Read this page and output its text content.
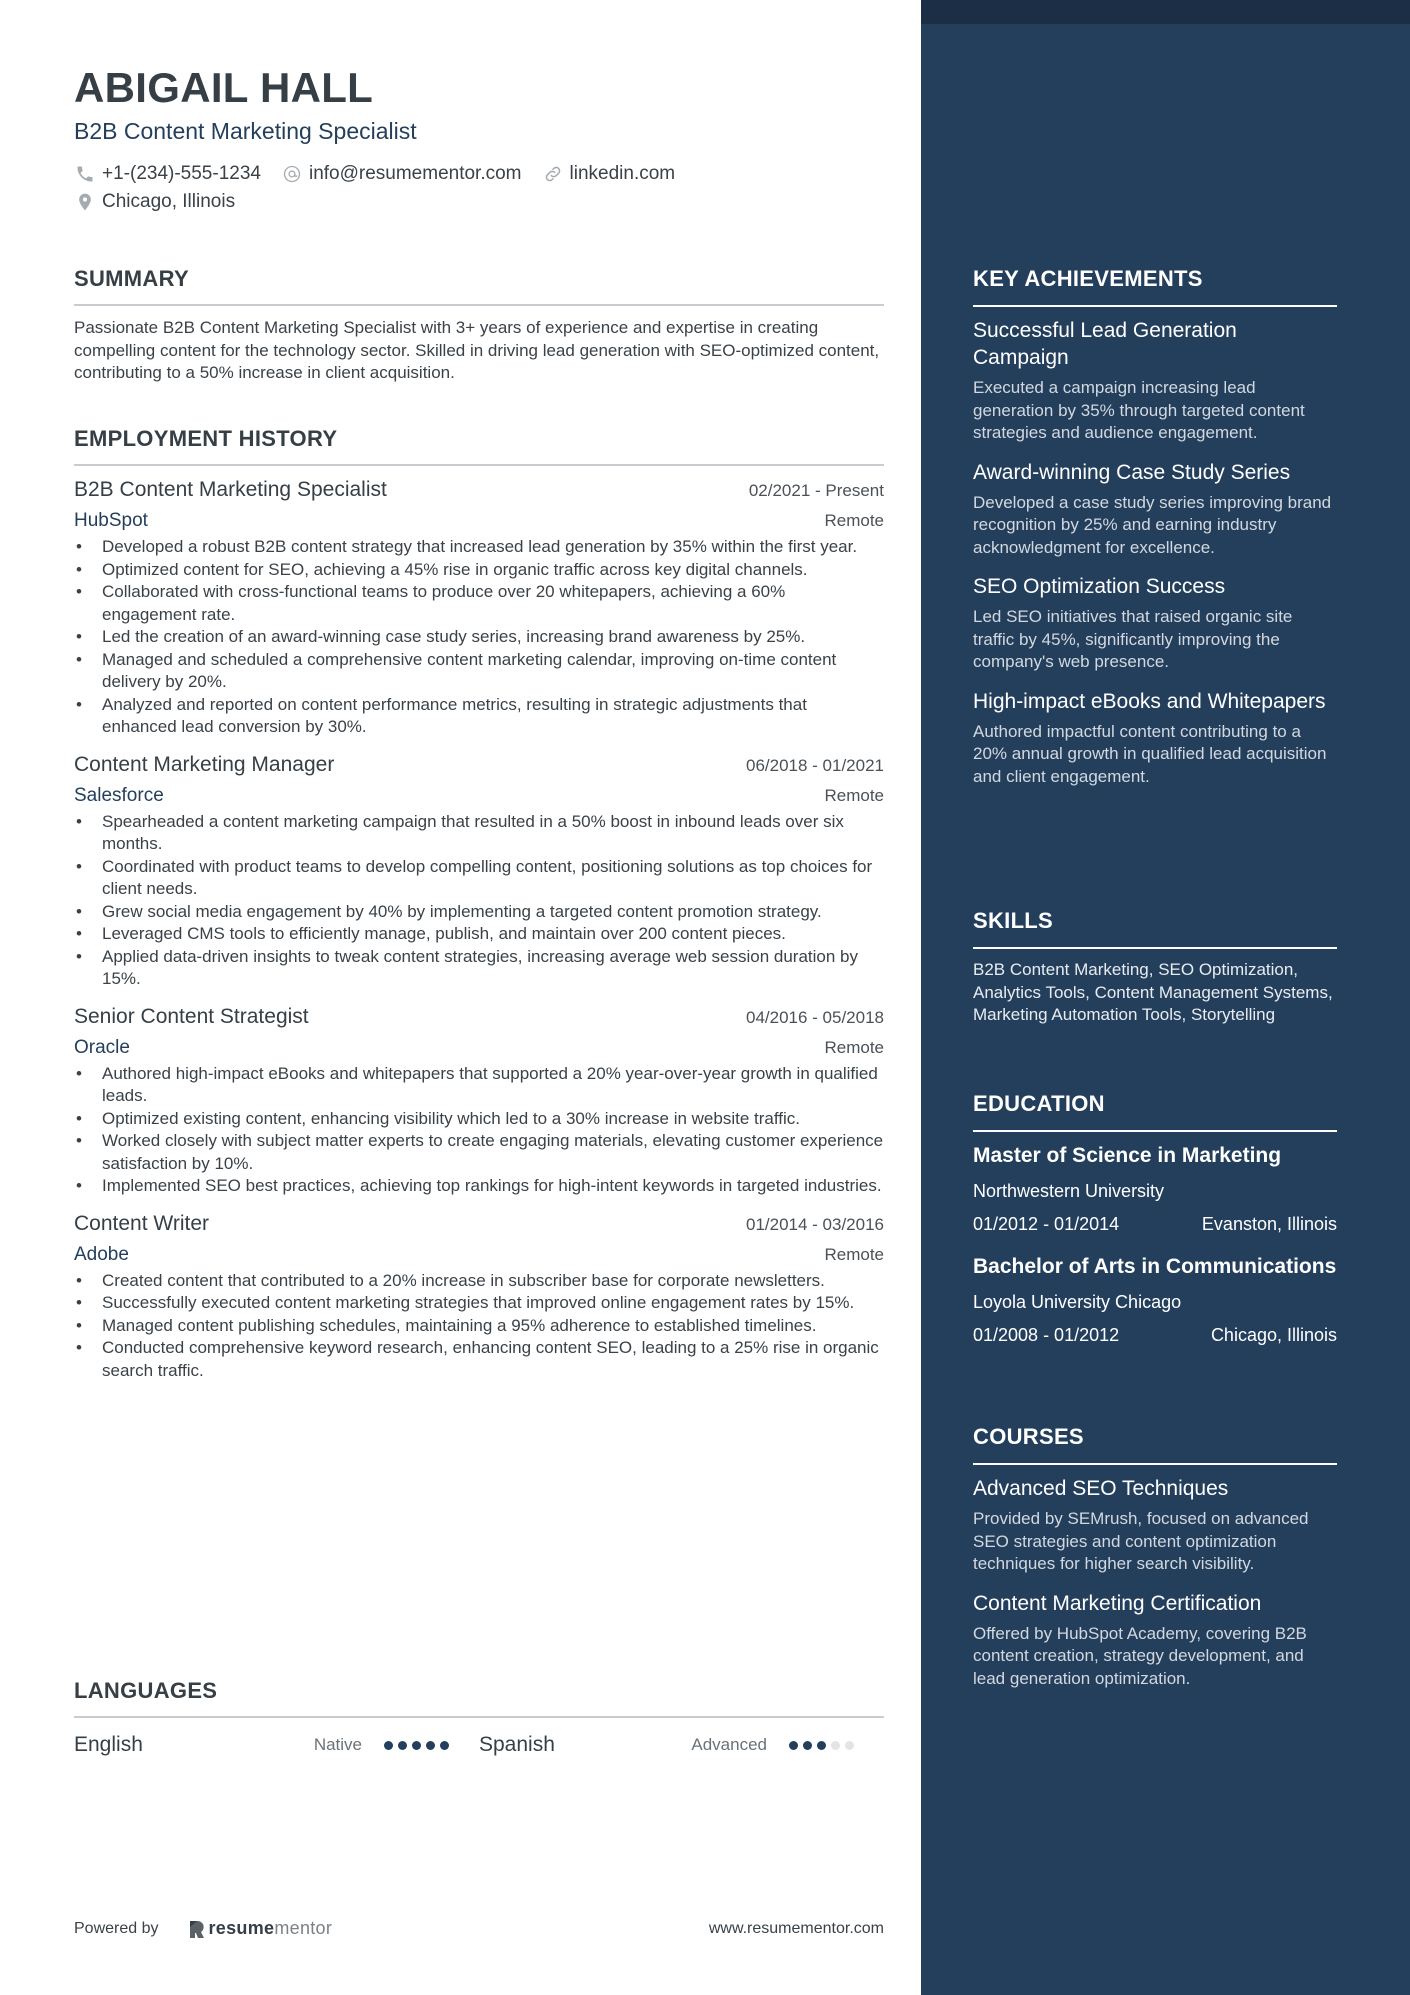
ABIGAIL HALL
B2B Content Marketing Specialist
+1-(234)-555-1234	info@resumementor.com	linkedin.com
Chicago, Illinois
SUMMARY

Passionate B2B Content Marketing Specialist with 3+ years of experience and expertise in creating compelling content for the technology sector. Skilled in driving lead generation with SEO-optimized content, contributing to a 50% increase in client acquisition.

EMPLOYMENT HISTORY
B2B Content Marketing Specialist	02/2021 - Present
HubSpot	Remote
• Developed a robust B2B content strategy that increased lead generation by 35% within the first year.
• Optimized content for SEO, achieving a 45% rise in organic traffic across key digital channels.
• Collaborated with cross-functional teams to produce over 20 whitepapers, achieving a 60% engagement rate.
• Led the creation of an award-winning case study series, increasing brand awareness by 25%.
• Managed and scheduled a comprehensive content marketing calendar, improving on-time content delivery by 20%.
• Analyzed and reported on content performance metrics, resulting in strategic adjustments that enhanced lead conversion by 30%.
Content Marketing Manager	06/2018 - 01/2021
Salesforce	Remote
• Spearheaded a content marketing campaign that resulted in a 50% boost in inbound leads over six months.
• Coordinated with product teams to develop compelling content, positioning solutions as top choices for client needs.
• Grew social media engagement by 40% by implementing a targeted content promotion strategy.
• Leveraged CMS tools to efficiently manage, publish, and maintain over 200 content pieces.
• Applied data-driven insights to tweak content strategies, increasing average web session duration by 15%.
Senior Content Strategist	04/2016 - 05/2018
Oracle	Remote
• Authored high-impact eBooks and whitepapers that supported a 20% year-over-year growth in qualified leads.
• Optimized existing content, enhancing visibility which led to a 30% increase in website traffic.
• Worked closely with subject matter experts to create engaging materials, elevating customer experience satisfaction by 10%.
• Implemented SEO best practices, achieving top rankings for high-intent keywords in targeted industries.
Content Writer	01/2014 - 03/2016
Adobe	Remote
• Created content that contributed to a 20% increase in subscriber base for corporate newsletters.
• Successfully executed content marketing strategies that improved online engagement rates by 15%.
• Managed content publishing schedules, maintaining a 95% adherence to established timelines.
• Conducted comprehensive keyword research, enhancing content SEO, leading to a 25% rise in organic search traffic.
LANGUAGES
English	Native	Spanish	Advanced
Powered by	resume mentor	www.resumementor.com
KEY ACHIEVEMENTS
Successful Lead Generation Campaign
Executed a campaign increasing lead generation by 35% through targeted content strategies and audience engagement.
Award-winning Case Study Series
Developed a case study series improving brand recognition by 25% and earning industry acknowledgment for excellence.
SEO Optimization Success
Led SEO initiatives that raised organic site traffic by 45%, significantly improving the company's web presence.
High-impact eBooks and Whitepapers
Authored impactful content contributing to a 20% annual growth in qualified lead acquisition and client engagement.
SKILLS
B2B Content Marketing, SEO Optimization, Analytics Tools, Content Management Systems, Marketing Automation Tools, Storytelling
EDUCATION
Master of Science in Marketing
Northwestern University
01/2012 - 01/2014	Evanston, Illinois
Bachelor of Arts in Communications
Loyola University Chicago
01/2008 - 01/2012	Chicago, Illinois
COURSES
Advanced SEO Techniques
Provided by SEMrush, focused on advanced SEO strategies and content optimization techniques for higher search visibility.
Content Marketing Certification
Offered by HubSpot Academy, covering B2B content creation, strategy development, and lead generation optimization.
